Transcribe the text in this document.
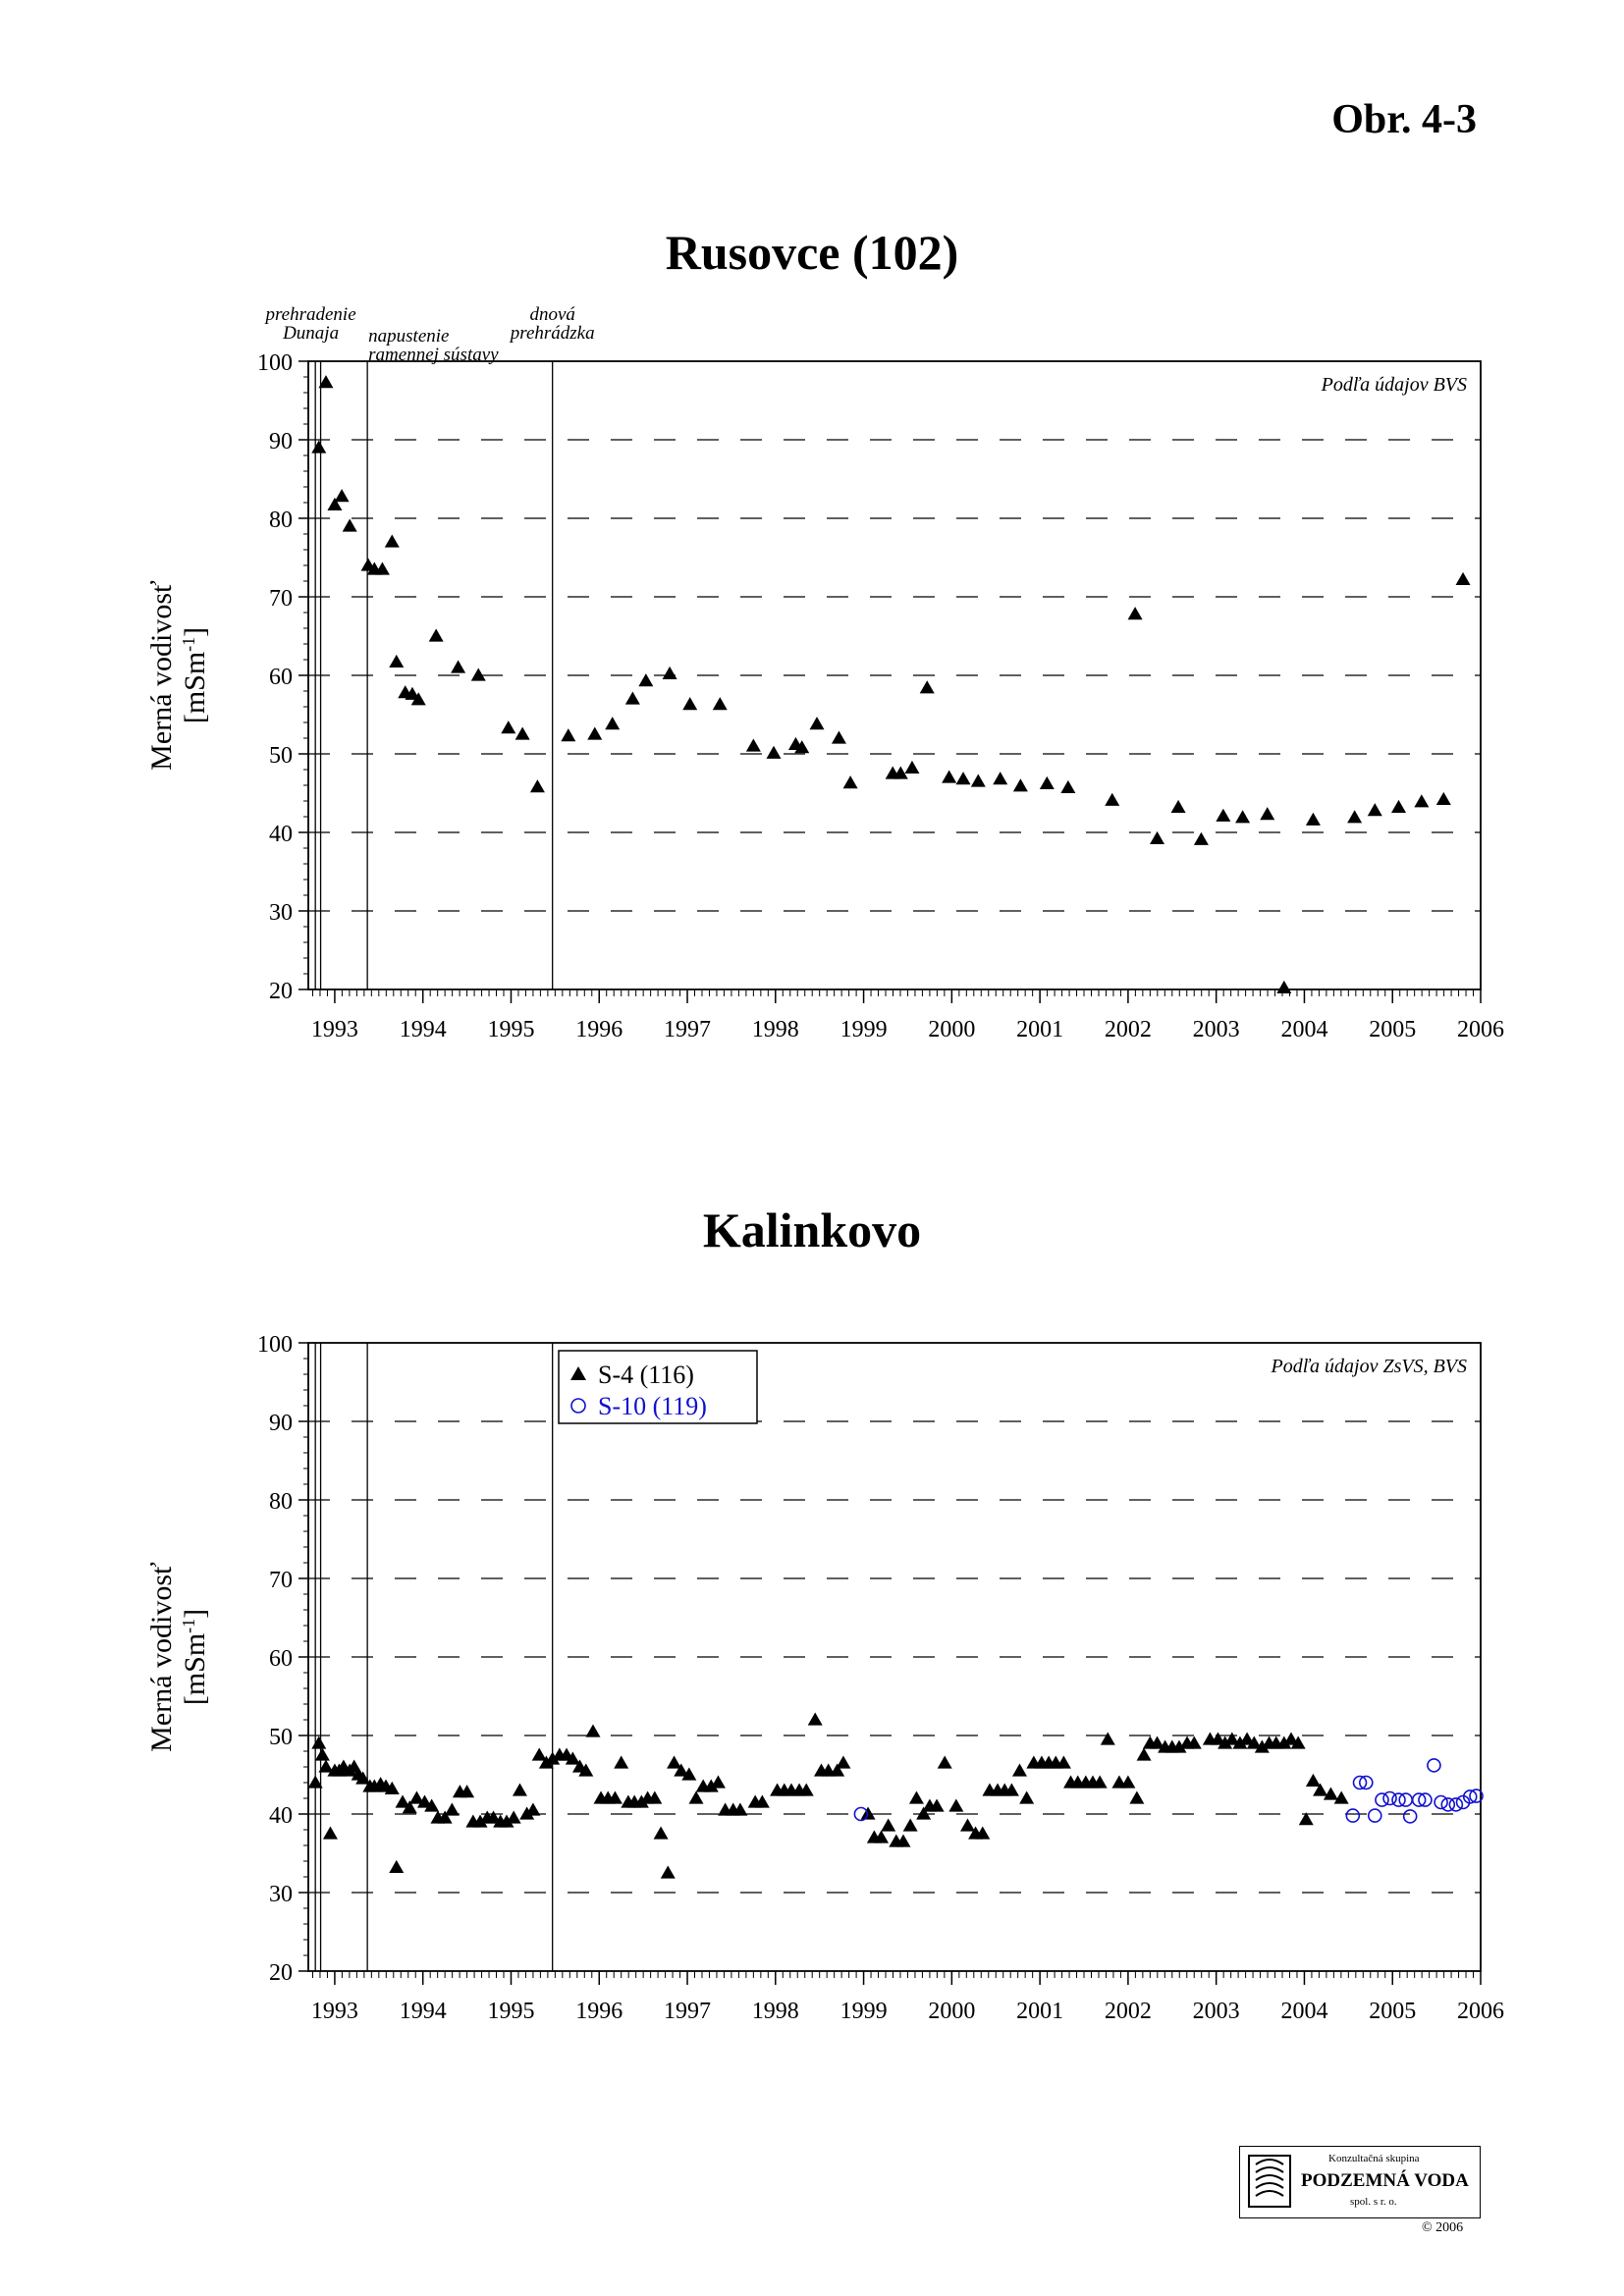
Obr. 4-3
Rusovce (102)
Kalinkovo
20
30
40
50
60
70
80
90
100
1993 1994 1995 1996 1997 1998 1999 2000 2001 2002 2003 2004 2005 2006
prehradenie
Dunaja napustenie
ramennej sústavy
dnová
prehrádzka
Podľa údajov BVS
Merná vodivosť [mSm$^{-1}$]
20
30
40
50
60
70
80
90
100
1993 1994 1995 1996 1997 1998 1999 2000 2001 2002 2003 2004 2005 2006
Podľa údajov ZsVS, BVS
Merná vodivosť [mSm$^{-1}$]
S-4 (116)
S-10 (119)
Konzultačná skupina
PODZEMNÁ VODA
spol. s r. o.
© 2006
